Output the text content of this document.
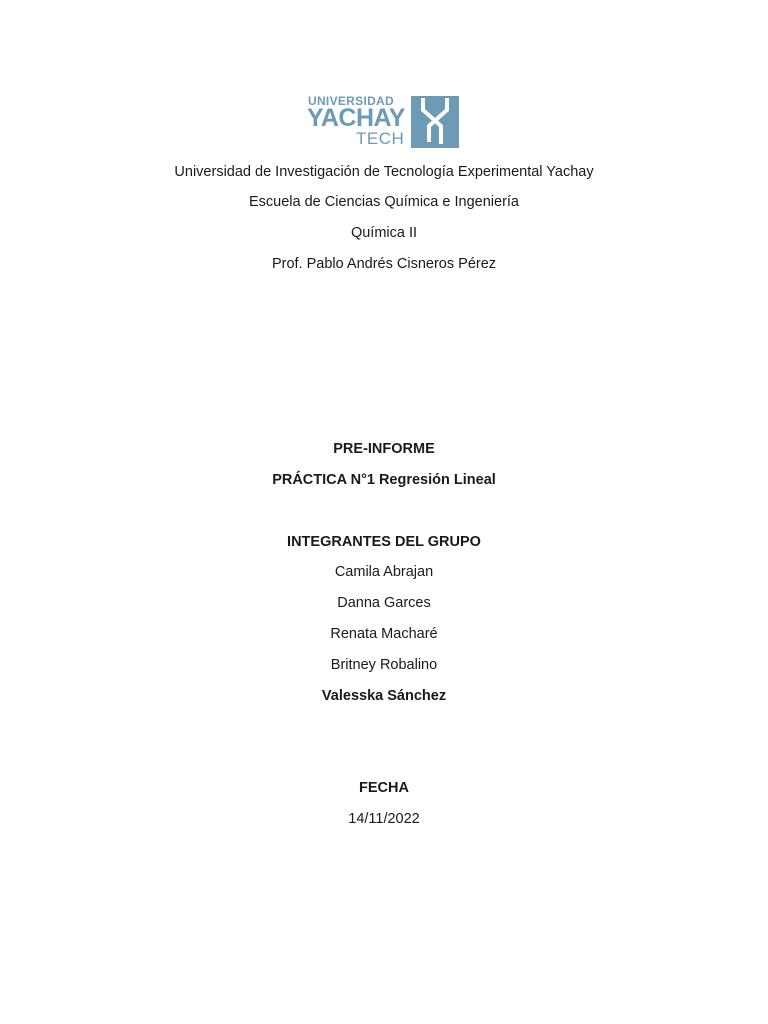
UNIVERSIDAD
YACHAY
TECH
Universidad de Investigación de Tecnología Experimental Yachay
Escuela de Ciencias Química e Ingeniería
Química II
Prof. Pablo Andrés Cisneros Pérez
PRE-INFORME
PRÁCTICA N°1 Regresión Lineal
INTEGRANTES DEL GRUPO
Camila Abrajan
Danna Garces
Renata Macharé
Britney Robalino
Valesska Sánchez
FECHA
14/11/2022
